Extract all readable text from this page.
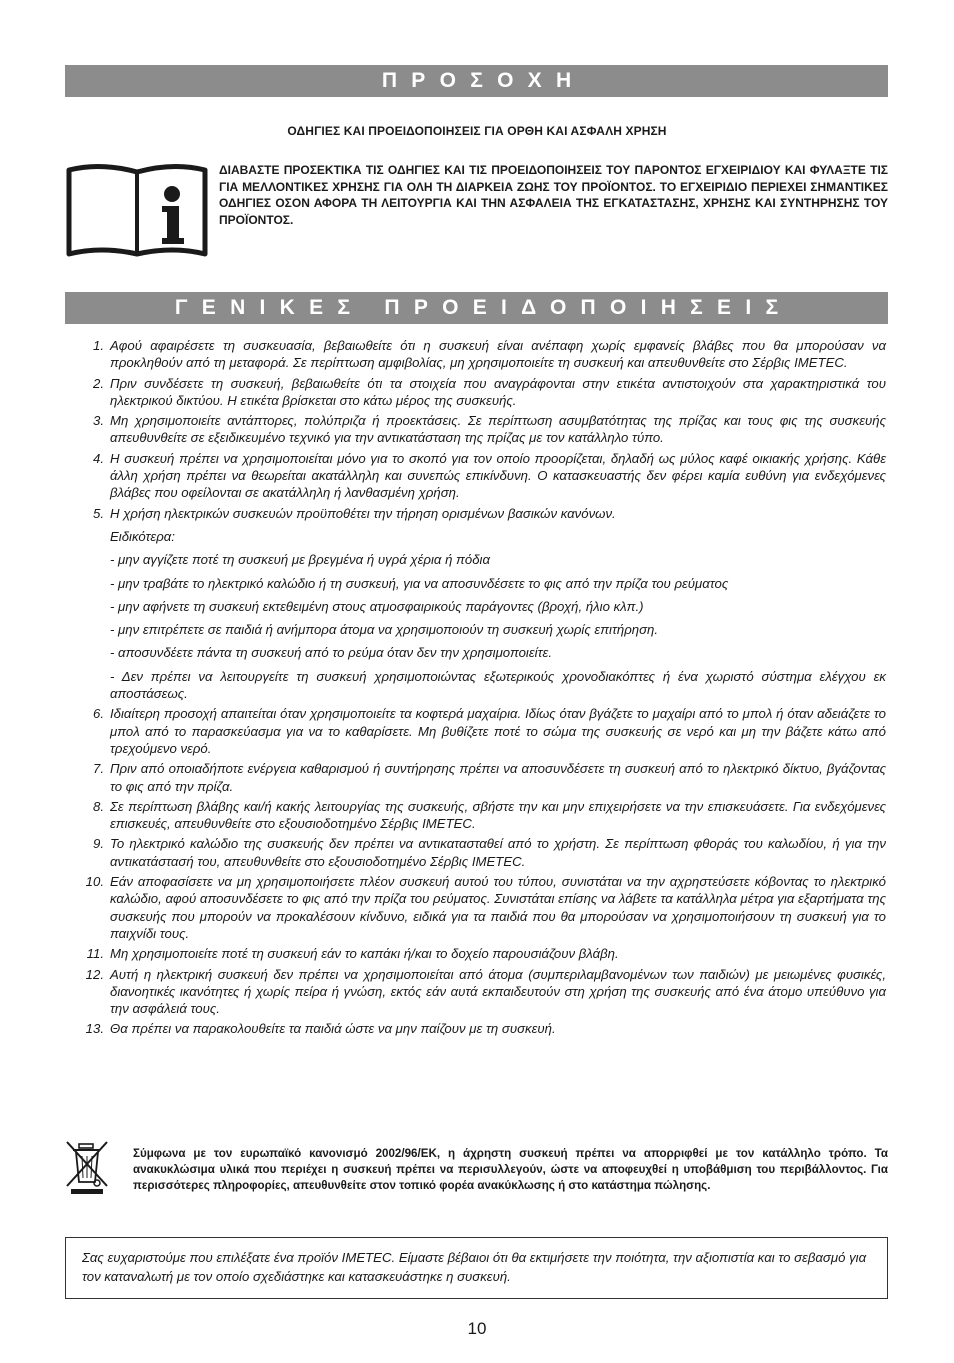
ΠΡΟΣΟΧΗ
ΟΔΗΓΙΕΣ ΚΑΙ ΠΡΟΕΙΔΟΠΟΙΗΣΕΙΣ ΓΙΑ ΟΡΘΗ ΚΑΙ ΑΣΦΑΛΗ ΧΡΗΣΗ
ΔΙΑΒΑΣΤΕ ΠΡΟΣΕΚΤΙΚΑ ΤΙΣ ΟΔΗΓΙΕΣ ΚΑΙ ΤΙΣ ΠΡΟΕΙΔΟΠΟΙΗΣΕΙΣ ΤΟΥ ΠΑΡΟΝΤΟΣ ΕΓΧΕΙΡΙΔΙΟΥ ΚΑΙ ΦΥΛΑΞΤΕ ΤΙΣ ΓΙΑ ΜΕΛΛΟΝΤΙΚΕΣ ΧΡΗΣΗΣ ΓΙΑ ΟΛΗ ΤΗ ΔΙΑΡΚΕΙΑ ΖΩΗΣ ΤΟΥ ΠΡΟΪΟΝΤΟΣ. ΤΟ ΕΓΧΕΙΡΙΔΙΟ ΠΕΡΙΕΧΕΙ ΣΗΜΑΝΤΙΚΕΣ ΟΔΗΓΙΕΣ ΟΣΟΝ ΑΦΟΡΑ ΤΗ ΛΕΙΤΟΥΡΓΙΑ ΚΑΙ ΤΗΝ ΑΣΦΑΛΕΙΑ ΤΗΣ ΕΓΚΑΤΑΣΤΑΣΗΣ, ΧΡΗΣΗΣ ΚΑΙ ΣΥΝΤΗΡΗΣΗΣ ΤΟΥ ΠΡΟΪΟΝΤΟΣ.
ΓΕΝΙΚΕΣ ΠΡΟΕΙΔΟΠΟΙΗΣΕΙΣ
1. Αφού αφαιρέσετε τη συσκευασία, βεβαιωθείτε ότι η συσκευή είναι ανέπαφη χωρίς εμφανείς βλάβες που θα μπορούσαν να προκληθούν από τη μεταφορά. Σε περίπτωση αμφιβολίας, μη χρησιμοποιείτε τη συσκευή και απευθυνθείτε στο Σέρβις IMETEC.
2. Πριν συνδέσετε τη συσκευή, βεβαιωθείτε ότι τα στοιχεία που αναγράφονται στην ετικέτα αντιστοιχούν στα χαρακτηριστικά του ηλεκτρικού δικτύου. Η ετικέτα βρίσκεται στο κάτω μέρος της συσκευής.
3. Μη χρησιμοποιείτε αντάπτορες, πολύπριζα ή προεκτάσεις. Σε περίπτωση ασυμβατότητας της πρίζας και τους φις της συσκευής απευθυνθείτε σε εξειδικευμένο τεχνικό για την αντικατάσταση της πρίζας με τον κατάλληλο τύπο.
4. Η συσκευή πρέπει να χρησιμοποιείται μόνο για το σκοπό για τον οποίο προορίζεται, δηλαδή ως μύλος καφέ οικιακής χρήσης. Κάθε άλλη χρήση πρέπει να θεωρείται ακατάλληλη και συνεπώς επικίνδυνη. Ο κατασκευαστής δεν φέρει καμία ευθύνη για ενδεχόμενες βλάβες που οφείλονται σε ακατάλληλη ή λανθασμένη χρήση.
5. Η χρήση ηλεκτρικών συσκευών προϋποθέτει την τήρηση ορισμένων βασικών κανόνων.
Ειδικότερα:
- μην αγγίζετε ποτέ τη συσκευή με βρεγμένα ή υγρά χέρια ή πόδια
- μην τραβάτε το ηλεκτρικό καλώδιο ή τη συσκευή, για να αποσυνδέσετε το φις από την πρίζα του ρεύματος
- μην αφήνετε τη συσκευή εκτεθειμένη στους ατμοσφαιρικούς παράγοντες (βροχή, ήλιο κλπ.)
- μην επιτρέπετε σε παιδιά ή ανήμπορα άτομα να χρησιμοποιούν τη συσκευή χωρίς επιτήρηση.
- αποσυνδέετε πάντα τη συσκευή από το ρεύμα όταν δεν την χρησιμοποιείτε.
- Δεν πρέπει να λειτουργείτε τη συσκευή χρησιμοποιώντας εξωτερικούς χρονοδιακόπτες ή ένα χωριστό σύστημα ελέγχου εκ αποστάσεως.
6. Ιδιαίτερη προσοχή απαιτείται όταν χρησιμοποιείτε τα κοφτερά μαχαίρια. Ιδίως όταν βγάζετε το μαχαίρι από το μπολ ή όταν αδειάζετε το μπολ από το παρασκεύασμα για να το καθαρίσετε. Μη βυθίζετε ποτέ το σώμα της συσκευής σε νερό και μη την βάζετε κάτω από τρεχούμενο νερό.
7. Πριν από οποιαδήποτε ενέργεια καθαρισμού ή συντήρησης πρέπει να αποσυνδέσετε τη συσκευή από το ηλεκτρικό δίκτυο, βγάζοντας το φις από την πρίζα.
8. Σε περίπτωση βλάβης και/ή κακής λειτουργίας της συσκευής, σβήστε την και μην επιχειρήσετε να την επισκευάσετε. Για ενδεχόμενες επισκευές, απευθυνθείτε στο εξουσιοδοτημένο Σέρβις IMETEC.
9. Το ηλεκτρικό καλώδιο της συσκευής δεν πρέπει να αντικατασταθεί από το χρήστη. Σε περίπτωση φθοράς του καλωδίου, ή για την αντικατάστασή του, απευθυνθείτε στο εξουσιοδοτημένο Σέρβις IMETEC.
10. Εάν αποφασίσετε να μη χρησιμοποιήσετε πλέον συσκευή αυτού του τύπου, συνιστάται να την αχρηστεύσετε κόβοντας το ηλεκτρικό καλώδιο, αφού αποσυνδέσετε το φις από την πρίζα του ρεύματος. Συνιστάται επίσης να λάβετε τα κατάλληλα μέτρα για εξαρτήματα της συσκευής που μπορούν να προκαλέσουν κίνδυνο, ειδικά για τα παιδιά που θα μπορούσαν να χρησιμοποιήσουν τη συσκευή για το παιχνίδι τους.
11. Μη χρησιμοποιείτε ποτέ τη συσκευή εάν το καπάκι ή/και το δοχείο παρουσιάζουν βλάβη.
12. Αυτή η ηλεκτρική συσκευή δεν πρέπει να χρησιμοποιείται από άτομα (συμπεριλαμβανομένων των παιδιών) με μειωμένες φυσικές, διανοητικές ικανότητες ή χωρίς πείρα ή γνώση, εκτός εάν αυτά εκπαιδευτούν στη χρήση της συσκευής από ένα άτομο υπεύθυνο για την ασφάλειά τους.
13. Θα πρέπει να παρακολουθείτε τα παιδιά ώστε να μην παίζουν με τη συσκευή.
Σύμφωνα με τον ευρωπαϊκό κανονισμό 2002/96/ΕΚ, η άχρηστη συσκευή πρέπει να απορριφθεί με τον κατάλληλο τρόπο. Τα ανακυκλώσιμα υλικά που περιέχει η συσκευή πρέπει να περισυλλεγούν, ώστε να αποφευχθεί η υποβάθμιση του περιβάλλοντος. Για περισσότερες πληροφορίες, απευθυνθείτε στον τοπικό φορέα ανακύκλωσης ή στο κατάστημα πώλησης.
Σας ευχαριστούμε που επιλέξατε ένα προϊόν IMETEC. Είμαστε βέβαιοι ότι θα εκτιμήσετε την ποιότητα, την αξιοπιστία και το σεβασμό για τον καταναλωτή με τον οποίο σχεδιάστηκε και κατασκευάστηκε η συσκευή.
10
